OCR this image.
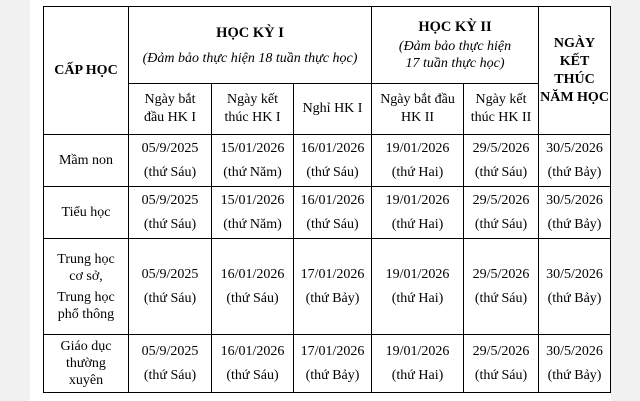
CẤP HỌC	HỌC KỲ I
(Đảm bảo thực hiện 18 tuần thực học)			HỌC KỲ II
(Đảm bảo thực hiện
17 tuần thực học)		NGÀY
KẾT THÚC
NĂM HỌC

	Ngày bắt
đầu HK I	Ngày kết
thúc HK I	Nghỉ HK I	Ngày bắt đầu
HK II	Ngày kết
thúc HK II	

Mầm non	05/9/2025
(thứ Sáu)	15/01/2026
(thứ Năm)	16/01/2026
(thứ Sáu)	19/01/2026
(thứ Hai)	29/5/2026
(thứ Sáu)	30/5/2026
(thứ Bảy)

Tiểu học	05/9/2025
(thứ Sáu)	15/01/2026
(thứ Năm)	16/01/2026
(thứ Sáu)	19/01/2026
(thứ Hai)	29/5/2026
(thứ Sáu)	30/5/2026
(thứ Bảy)

Trung học
cơ sở,
Trung học
phổ thông	05/9/2025
(thứ Sáu)	16/01/2026
(thứ Sáu)	17/01/2026
(thứ Bảy)	19/01/2026
(thứ Hai)	29/5/2026
(thứ Sáu)	30/5/2026
(thứ Bảy)

Giáo dục
thường
xuyên	05/9/2025
(thứ Sáu)	16/01/2026
(thứ Sáu)	17/01/2026
(thứ Bảy)	19/01/2026
(thứ Hai)	29/5/2026
(thứ Sáu)	30/5/2026
(thứ Bảy)
